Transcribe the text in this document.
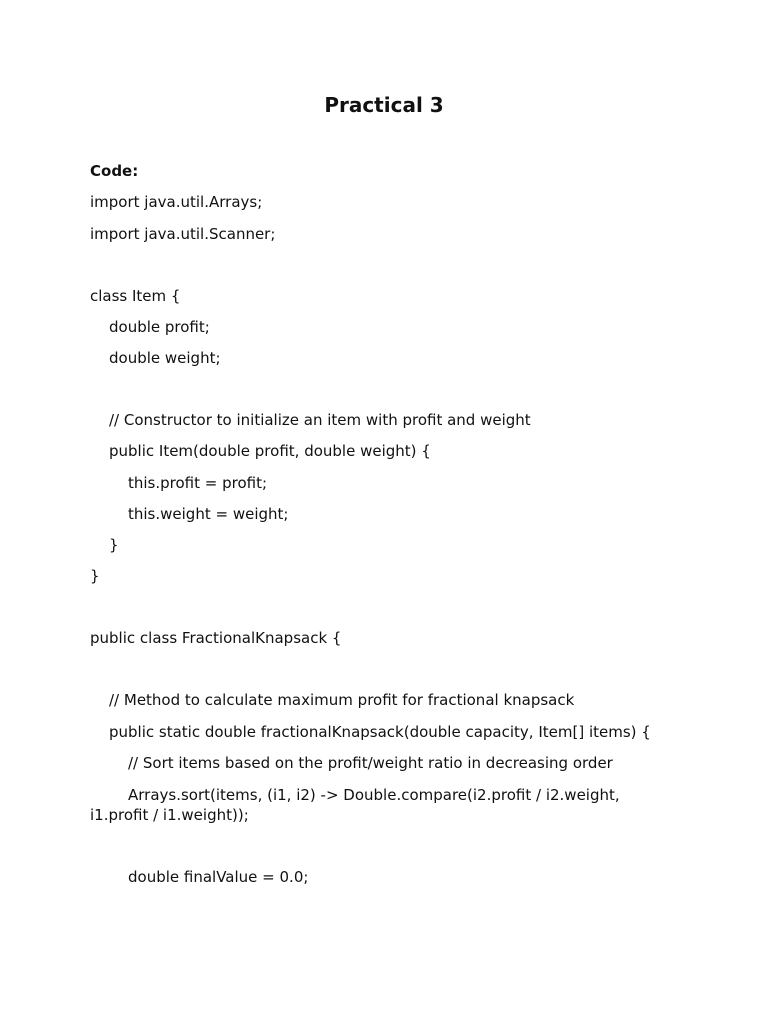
Practical 3
Code:
import java.util.Arrays;
import java.util.Scanner;
class Item {
double profit;
double weight;
// Constructor to initialize an item with profit and weight
public Item(double profit, double weight) {
this.profit = profit;
this.weight = weight;
}
}
public class FractionalKnapsack {
// Method to calculate maximum profit for fractional knapsack
public static double fractionalKnapsack(double capacity, Item[] items) {
// Sort items based on the profit/weight ratio in decreasing order
Arrays.sort(items, (i1, i2) -> Double.compare(i2.profit / i2.weight,
i1.profit / i1.weight));
double finalValue = 0.0;
